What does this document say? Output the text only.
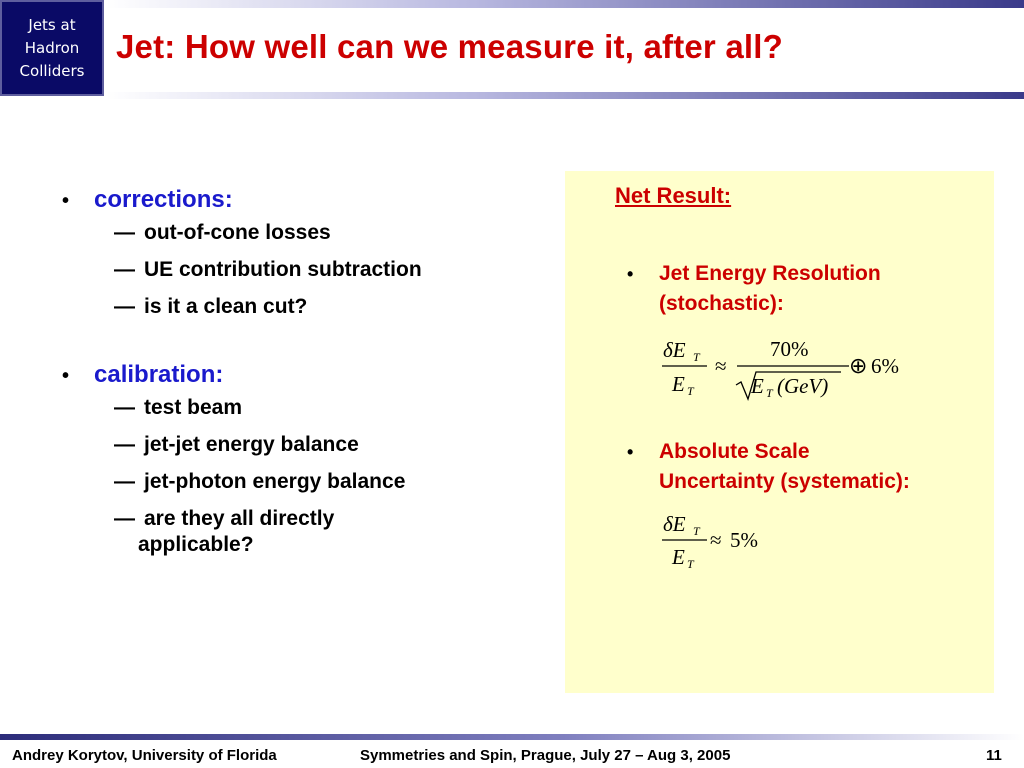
Jets at
Hadron
Colliders
Jet: How well can we measure it, after all?
•	corrections:
— out-of-cone losses
— UE contribution subtraction
— is it a clean cut?
•	calibration:
— test beam
— jet-jet energy balance
— jet-photon energy balance
— are they all directly
applicable?
Net Result:
• Jet Energy Resolution
(stochastic):
δE T
E T
≈
70%
E T (GeV)
⊕ 6%
• Absolute Scale
Uncertainty (systematic):
δE T
E T
≈ 5%
Andrey Korytov, University of Florida	Symmetries and Spin, Prague, July 27 – Aug 3, 2005	11
